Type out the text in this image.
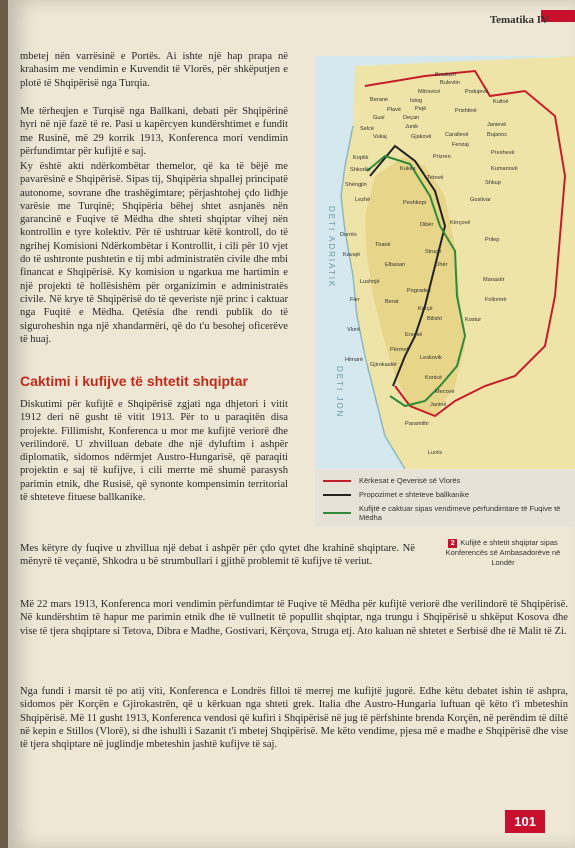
Tematika IV

mbetej nën varrësinë e Portës. Ai ishte një hap prapa në krahasim me vendimin e Kuvendit të Vlorës, për shkëputjen e plotë të Shqipërisë nga Turqia.

Me tërheqjen e Turqisë nga Ballkani, debati për Shqipërinë hyri në një fazë të re. Pasi u kapërcyen kundërshtimet e fundit me Rusinë, më 29 korrik 1913, Konferenca mori vendimin përfundimtar për kufijtë e saj.

Ky është akti ndërkombëtar themelor, që ka të bëjë me pavarësinë e Shqipërisë. Sipas tij, Shqipëria shpallej principatë autonome, sovrane dhe trashëgimtare; përjashtohej çdo lidhje varësie me Turqinë; Shqipëria bëhej shtet asnjanës nën garancinë e Fuqive të Mëdha dhe shteti shqiptar vihej nën kontrollin e tyre kolektiv. Për të ushtruar këtë kontroll, do të ngrihej Komisioni Ndërkombëtar i Kontrollit, i cili për 10 vjet do të ushtronte pushtetin e tij mbi administratën civile dhe mbi financat e Shqipërisë. Ky komision u ngarkua me hartimin e një projekti të hollësishëm për organizimin e administratës civile. Në krye të Shqipërisë do të qeveriste një princ i caktuar nga Fuqitë e Mëdha. Qetësia dhe rendi publik do të siguroheshin nga një xhandarmëri, që do t'u besohej oficerëve të huaj.

Caktimi i kufijve të shtetit shqiptar

Diskutimi për kufijtë e Shqipërisë zgjati nga dhjetori i vitit 1912 deri në gusht të vitit 1913. Për to u paraqitën disa projekte. Fillimisht, Konferenca u mor me kufijtë veriorë dhe verilindorë. U zhvilluan debate dhe një dyluftim i ashpër diplomatik, sidomos ndërmjet Austro-Hungarisë, që paraqiti projektin e saj të kufijve, i cili merrte më shumë parasysh parimin etnik, dhe Rusisë, që synonte kompensimin territorial të shteteve fituese ballkanike.

Mes këtyre dy fuqive u zhvillua një debat i ashpër për çdo qytet dhe krahinë shqiptare. Në mënyrë të veçantë, Shkodra u bë strumbullari i gjithë problemit të kufijve të veriut.

Më 22 mars 1913, Konferenca mori vendimin përfundimtar të Fuqive të Mëdha për kufijtë veriorë dhe verilindorë të Shqipërisë. Në kundërshtim të hapur me parimin etnik dhe të vullnetit të popullit shqiptar, nga trungu i Shqipërisë u shkëput Kosova dhe vise të tjera shqiptare si Tetova, Dibra e Madhe, Gostivari, Kërçova, Struga etj. Ato kaluan në shtetet e Serbisë dhe të Malit të Zi.

Nga fundi i marsit të po atij viti, Konferenca e Londrës filloi të merrej me kufijtë jugorë. Edhe këtu debatet ishin të ashpra, sidomos për Korçën e Gjirokastrën, që u kërkuan nga shteti grek. Italia dhe Austro-Hungaria luftuan që këto t'i mbeteshin Shqipërisë. Më 11 gusht 1913, Konferenca vendosi që kufiri i Shqipërisë në jug të përfshinte brenda Korçën, në perëndim të diltë në kepin e Stillos (Vlorë), si dhe ishulli i Sazanit t'i mbetej Shqipërisë. Me këto vendime, pjesa më e madhe e Shqipërisë dhe vise të tjera shqiptare në juglindje mbeteshin jashtë kufijve të saj.

DETI ADRIATIK
DETI JON
Bradash
Bulevtin
Mitrovicë	Podujevë
Berane	Istog
Plavë	Pejë	Prishtinë
Gusi	Deçan
Kulinë
Selcë	Junik	Janievë
Vukaj	Gjakovë Carallevë	Bujanoc
Ferizaj
Koplik	Prizren
Preshevë
Shkodër	Kukës	Kumanovë
Tetovë
Shkup
Shëngjin
Lezhë	Peshkopi	Gostivar
Dibër	Kërçovë
Durrës
Tiranë
Prilep
Kavajë	Strugë
Elbasan	Ohër
Lushnjë	Manastir
Pogradec
Fier	Berat	Follorinë
Korçë
Bilisht	Kostur
Vlorë
Ersekë
Përmet
Leskovik
Himarë
Gjirokastër
Konicë
Mecovë
Janinë
Paramithi
Lurës
Kërkesat e Qeverisë së Vlorës
Propozimet e shteteve ballkanike
Kufijtë e caktuar sipas vendimeve përfundimtare të Fuqive të Mëdha
2 Kufijtë e shtetit shqiptar sipas Konferencës së Ambasadorëve në Londër
101
